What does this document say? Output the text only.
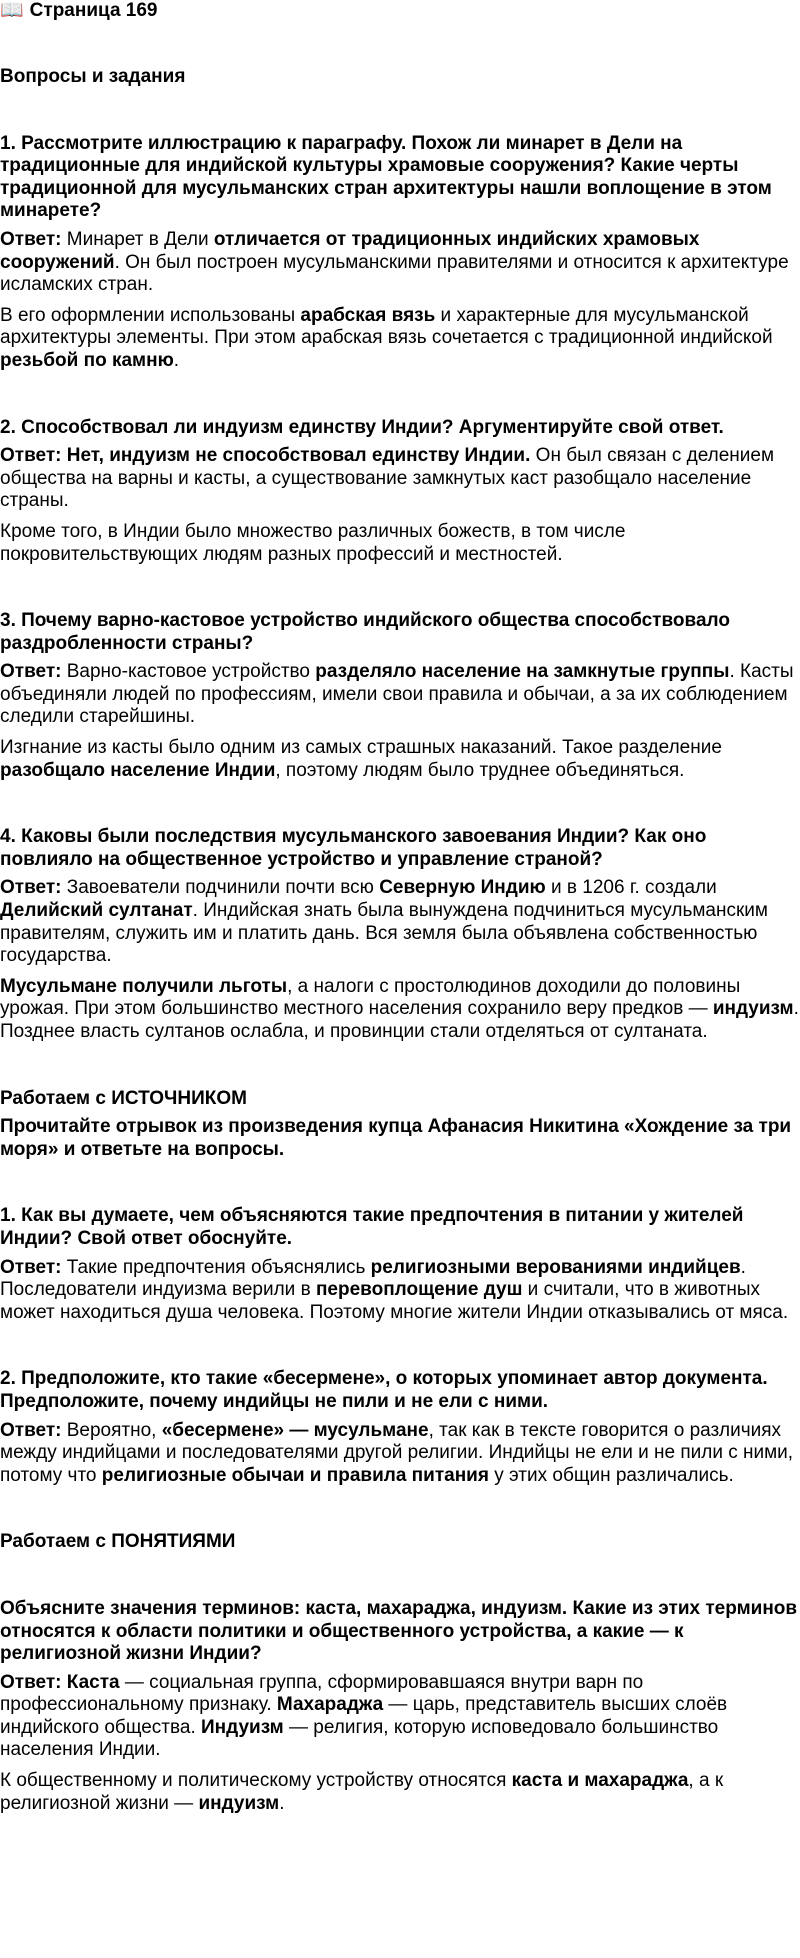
📖 Страница 169
Вопросы и задания

1. Рассмотрите иллюстрацию к параграфу. Похож ли минарет в Дели на традиционные для индийской культуры храмовые сооружения? Какие черты традиционной для мусульманских стран архитектуры нашли воплощение в этом минарете?

Ответ: Минарет в Дели отличается от традиционных индийских храмовых сооружений. Он был построен мусульманскими правителями и относится к архитектуре исламских стран.

В его оформлении использованы арабская вязь и характерные для мусульманской архитектуры элементы. При этом арабская вязь сочетается с традиционной индийской резьбой по камню.

2. Способствовал ли индуизм единству Индии? Аргументируйте свой ответ.

Ответ: Нет, индуизм не способствовал единству Индии. Он был связан с делением общества на варны и касты, а существование замкнутых каст разобщало население страны.

Кроме того, в Индии было множество различных божеств, в том числе покровительствующих людям разных профессий и местностей.

3. Почему варно-кастовое устройство индийского общества способствовало раздробленности страны?

Ответ: Варно-кастовое устройство разделяло население на замкнутые группы. Касты объединяли людей по профессиям, имели свои правила и обычаи, а за их соблюдением следили старейшины.

Изгнание из касты было одним из самых страшных наказаний. Такое разделение разобщало население Индии, поэтому людям было труднее объединяться.

4. Каковы были последствия мусульманского завоевания Индии? Как оно повлияло на общественное устройство и управление страной?

Ответ: Завоеватели подчинили почти всю Северную Индию и в 1206 г. создали Делийский султанат. Индийская знать была вынуждена подчиниться мусульманским правителям, служить им и платить дань. Вся земля была объявлена собственностью государства.

Мусульмане получили льготы, а налоги с простолюдинов доходили до половины урожая. При этом большинство местного населения сохранило веру предков — индуизм. Позднее власть султанов ослабла, и провинции стали отделяться от султаната.

Работаем с ИСТОЧНИКОМ

Прочитайте отрывок из произведения купца Афанасия Никитина «Хождение за три моря» и ответьте на вопросы.

1. Как вы думаете, чем объясняются такие предпочтения в питании у жителей Индии? Свой ответ обоснуйте.

Ответ: Такие предпочтения объяснялись религиозными верованиями индийцев. Последователи индуизма верили в перевоплощение душ и считали, что в животных может находиться душа человека. Поэтому многие жители Индии отказывались от мяса.

2. Предположите, кто такие «бесермене», о которых упоминает автор документа. Предположите, почему индийцы не пили и не ели с ними.

Ответ: Вероятно, «бесермене» — мусульмане, так как в тексте говорится о различиях между индийцами и последователями другой религии. Индийцы не ели и не пили с ними, потому что религиозные обычаи и правила питания у этих общин различались.

Работаем с ПОНЯТИЯМИ

Объясните значения терминов: каста, махараджа, индуизм. Какие из этих терминов относятся к области политики и общественного устройства, а какие — к религиозной жизни Индии?

Ответ: Каста — социальная группа, сформировавшаяся внутри варн по профессиональному признаку. Махараджа — царь, представитель высших слоёв индийского общества. Индуизм — религия, которую исповедовало большинство населения Индии.

К общественному и политическому устройству относятся каста и махараджа, а к религиозной жизни — индуизм.
